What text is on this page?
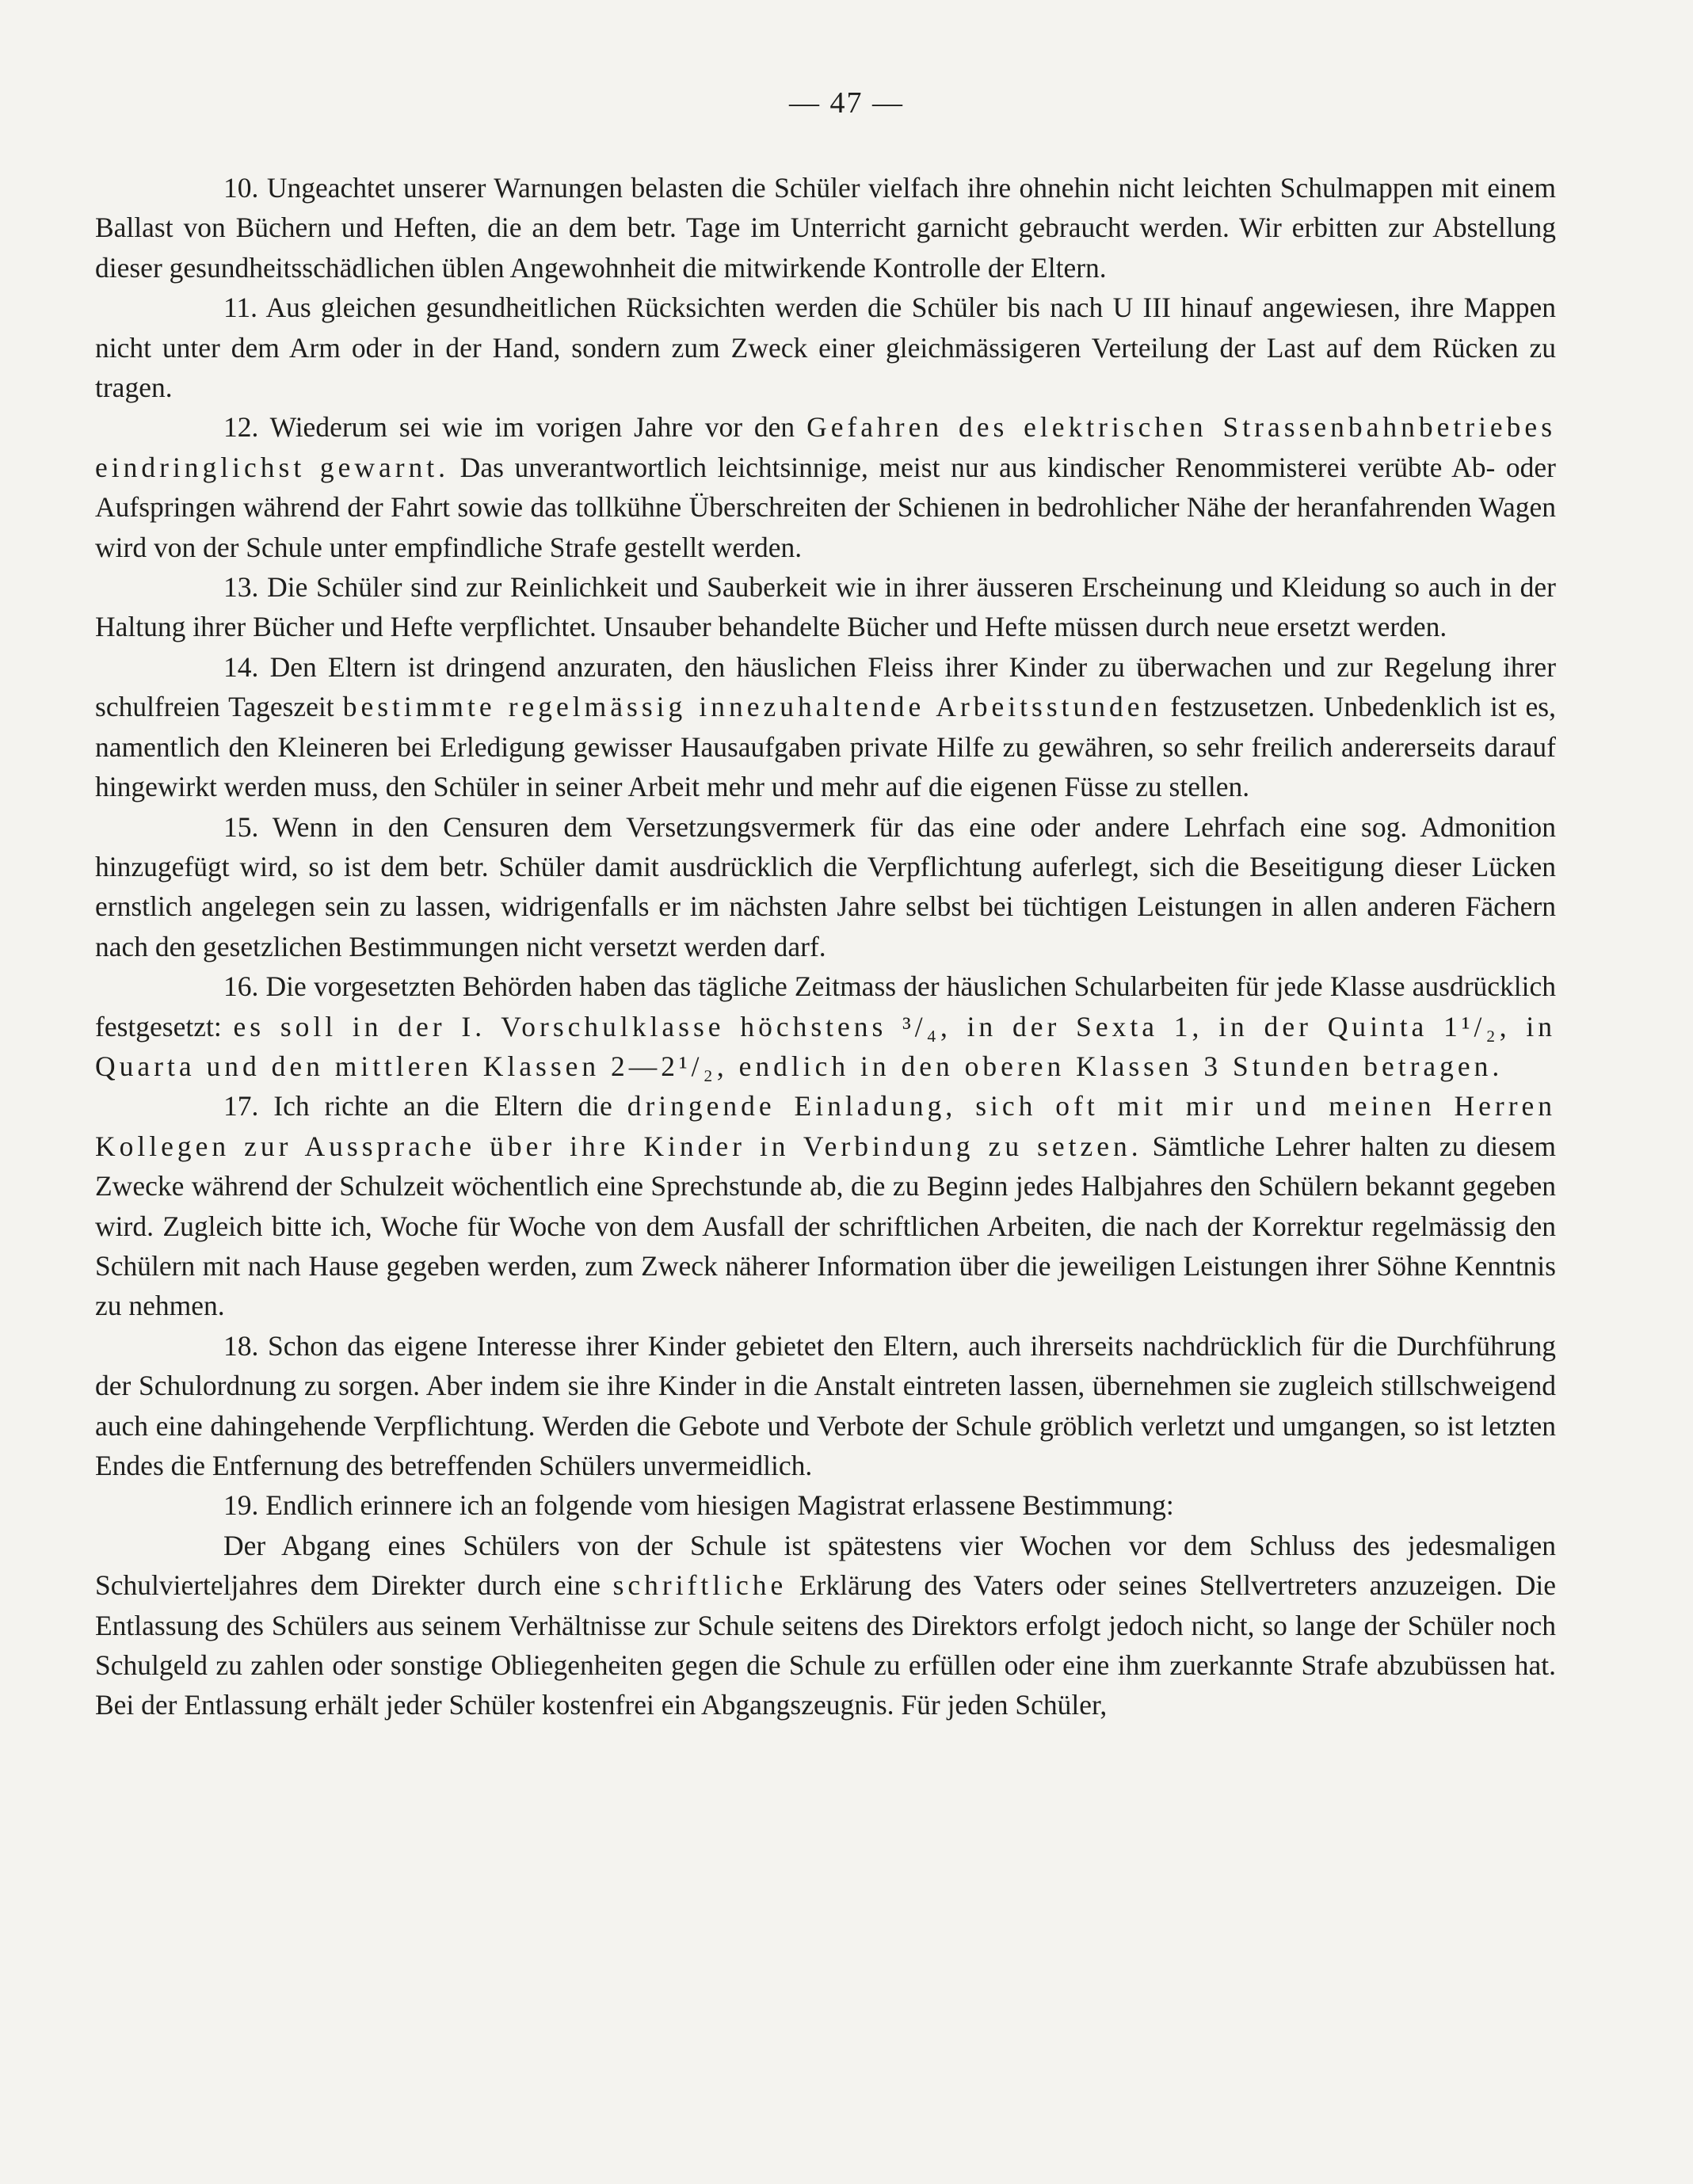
— 47 —

10. Ungeachtet unserer Warnungen belasten die Schüler vielfach ihre ohnehin nicht leichten Schulmappen mit einem Ballast von Büchern und Heften, die an dem betr. Tage im Unterricht garnicht gebraucht werden. Wir erbitten zur Abstellung dieser gesundheitsschädlichen üblen Angewohnheit die mitwirkende Kontrolle der Eltern.

11. Aus gleichen gesundheitlichen Rücksichten werden die Schüler bis nach U III hinauf angewiesen, ihre Mappen nicht unter dem Arm oder in der Hand, sondern zum Zweck einer gleichmässigeren Verteilung der Last auf dem Rücken zu tragen.

12. Wiederum sei wie im vorigen Jahre vor den Gefahren des elektrischen Strassenbahnbetriebes eindringlichst gewarnt. Das unverantwortlich leichtsinnige, meist nur aus kindischer Renommisterei verübte Ab- oder Aufspringen während der Fahrt sowie das tollkühne Überschreiten der Schienen in bedrohlicher Nähe der heranfahrenden Wagen wird von der Schule unter empfindliche Strafe gestellt werden.

13. Die Schüler sind zur Reinlichkeit und Sauberkeit wie in ihrer äusseren Erscheinung und Kleidung so auch in der Haltung ihrer Bücher und Hefte verpflichtet. Unsauber behandelte Bücher und Hefte müssen durch neue ersetzt werden.

14. Den Eltern ist dringend anzuraten, den häuslichen Fleiss ihrer Kinder zu überwachen und zur Regelung ihrer schulfreien Tageszeit bestimmte regelmässig innezuhaltende Arbeitsstunden festzusetzen. Unbedenklich ist es, namentlich den Kleineren bei Erledigung gewisser Hausaufgaben private Hilfe zu gewähren, so sehr freilich andererseits darauf hingewirkt werden muss, den Schüler in seiner Arbeit mehr und mehr auf die eigenen Füsse zu stellen.

15. Wenn in den Censuren dem Versetzungsvermerk für das eine oder andere Lehrfach eine sog. Admonition hinzugefügt wird, so ist dem betr. Schüler damit ausdrücklich die Verpflichtung auferlegt, sich die Beseitigung dieser Lücken ernstlich angelegen sein zu lassen, widrigenfalls er im nächsten Jahre selbst bei tüchtigen Leistungen in allen anderen Fächern nach den gesetzlichen Bestimmungen nicht versetzt werden darf.

16. Die vorgesetzten Behörden haben das tägliche Zeitmass der häuslichen Schularbeiten für jede Klasse ausdrücklich festgesetzt: es soll in der I. Vorschulklasse höchstens ³/₄, in der Sexta 1, in der Quinta 1¹/₂, in Quarta und den mittleren Klassen 2—2¹/₂, endlich in den oberen Klassen 3 Stunden betragen.

17. Ich richte an die Eltern die dringende Einladung, sich oft mit mir und meinen Herren Kollegen zur Aussprache über ihre Kinder in Verbindung zu setzen. Sämtliche Lehrer halten zu diesem Zwecke während der Schulzeit wöchentlich eine Sprechstunde ab, die zu Beginn jedes Halbjahres den Schülern bekannt gegeben wird. Zugleich bitte ich, Woche für Woche von dem Ausfall der schriftlichen Arbeiten, die nach der Korrektur regelmässig den Schülern mit nach Hause gegeben werden, zum Zweck näherer Information über die jeweiligen Leistungen ihrer Söhne Kenntnis zu nehmen.

18. Schon das eigene Interesse ihrer Kinder gebietet den Eltern, auch ihrerseits nachdrücklich für die Durchführung der Schulordnung zu sorgen. Aber indem sie ihre Kinder in die Anstalt eintreten lassen, übernehmen sie zugleich stillschweigend auch eine dahingehende Verpflichtung. Werden die Gebote und Verbote der Schule gröblich verletzt und umgangen, so ist letzten Endes die Entfernung des betreffenden Schülers unvermeidlich.

19. Endlich erinnere ich an folgende vom hiesigen Magistrat erlassene Bestimmung:

Der Abgang eines Schülers von der Schule ist spätestens vier Wochen vor dem Schluss des jedesmaligen Schulvierteljahres dem Direkter durch eine schriftliche Erklärung des Vaters oder seines Stellvertreters anzuzeigen. Die Entlassung des Schülers aus seinem Verhältnisse zur Schule seitens des Direktors erfolgt jedoch nicht, so lange der Schüler noch Schulgeld zu zahlen oder sonstige Obliegenheiten gegen die Schule zu erfüllen oder eine ihm zuerkannte Strafe abzubüssen hat. Bei der Entlassung erhält jeder Schüler kostenfrei ein Abgangszeugnis. Für jeden Schüler,
